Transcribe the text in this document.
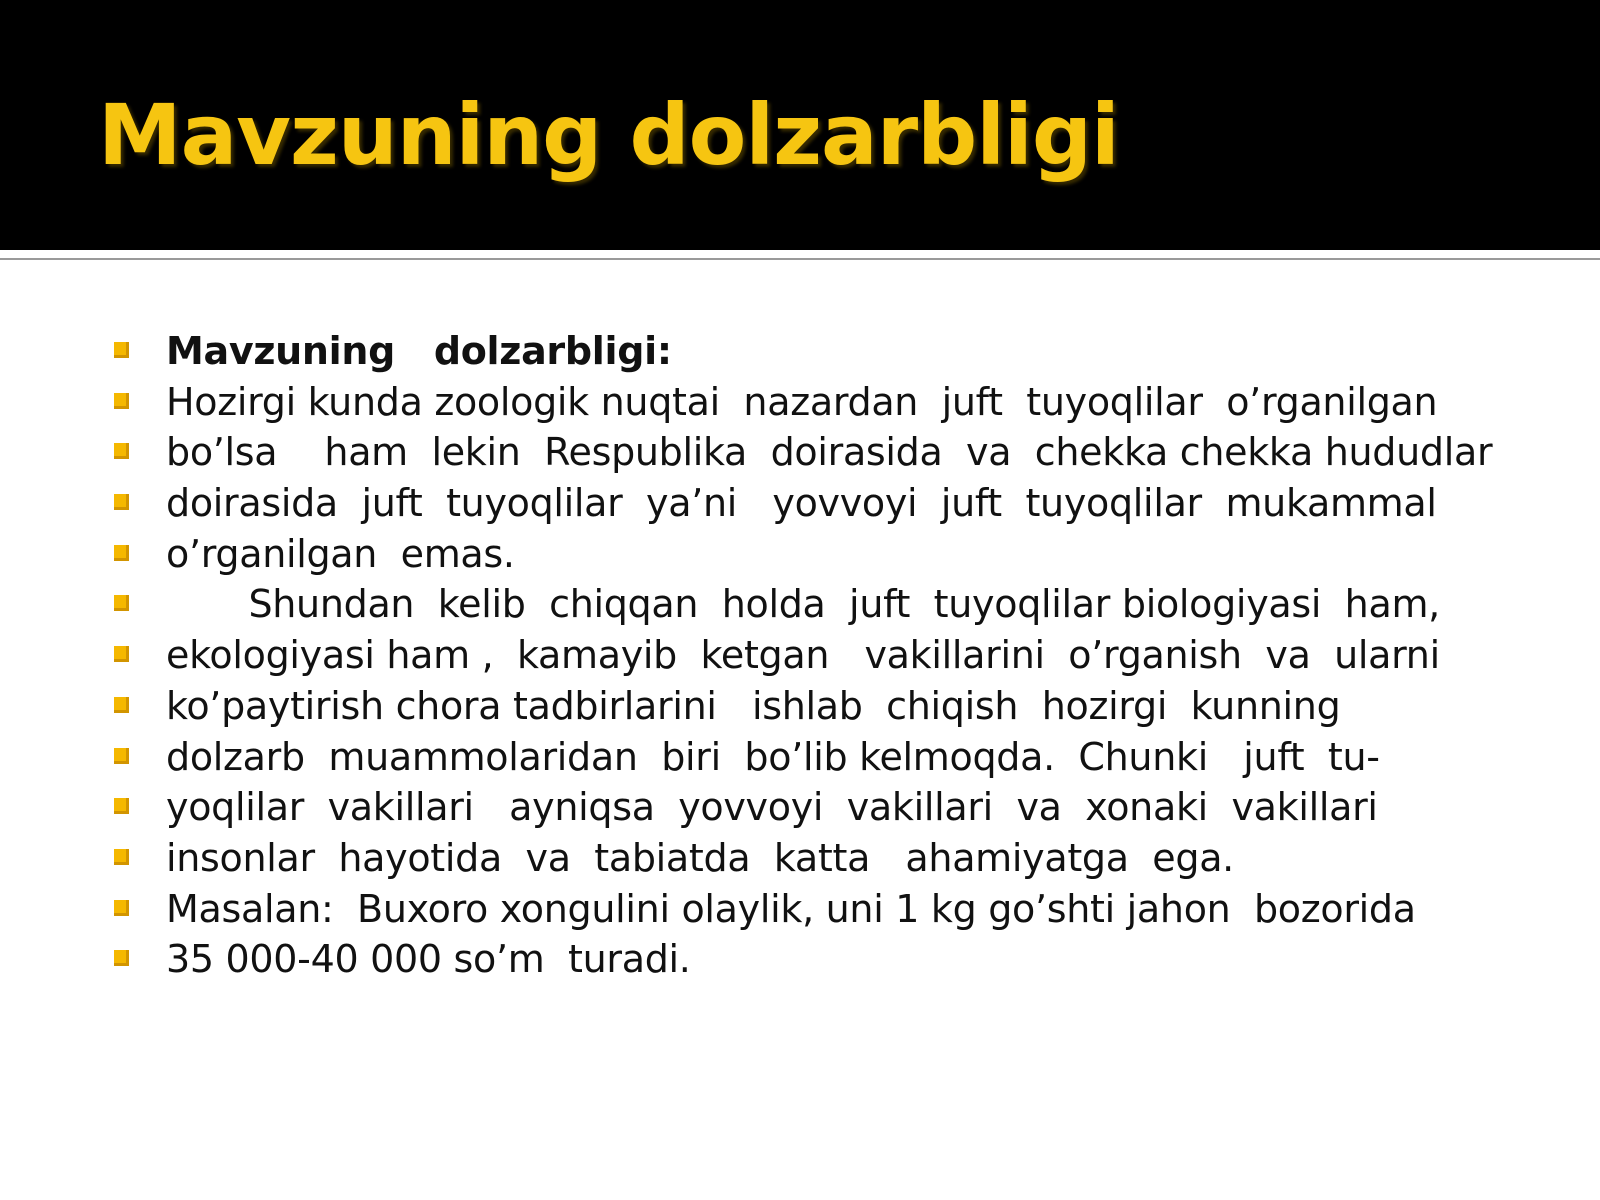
Mavzuning dolzarbligi

Mavzuning   dolzarbligi:

Hozirgi kunda zoologik nuqtai  nazardan  juft  tuyoqlilar  o’rganilgan

bo’lsa    ham  lekin  Respublika  doirasida  va  chekka chekka hududlar

doirasida  juft  tuyoqlilar  ya’ni   yovvoyi  juft  tuyoqlilar  mukammal

o’rganilgan  emas.

Shundan  kelib  chiqqan  holda  juft  tuyoqlilar biologiyasi  ham,

ekologiyasi ham ,  kamayib  ketgan   vakillarini  o’rganish  va  ularni

ko’paytirish chora tadbirlarini   ishlab  chiqish  hozirgi  kunning

dolzarb  muammolaridan  biri  bo’lib kelmoqda.  Chunki   juft  tu-

yoqlilar  vakillari   ayniqsa  yovvoyi  vakillari  va  xonaki  vakillari

insonlar  hayotida  va  tabiatda  katta   ahamiyatga  ega.

Masalan:  Buxoro xongulini olaylik, uni 1 kg go’shti jahon  bozorida

35 000-40 000 so’m  turadi.
